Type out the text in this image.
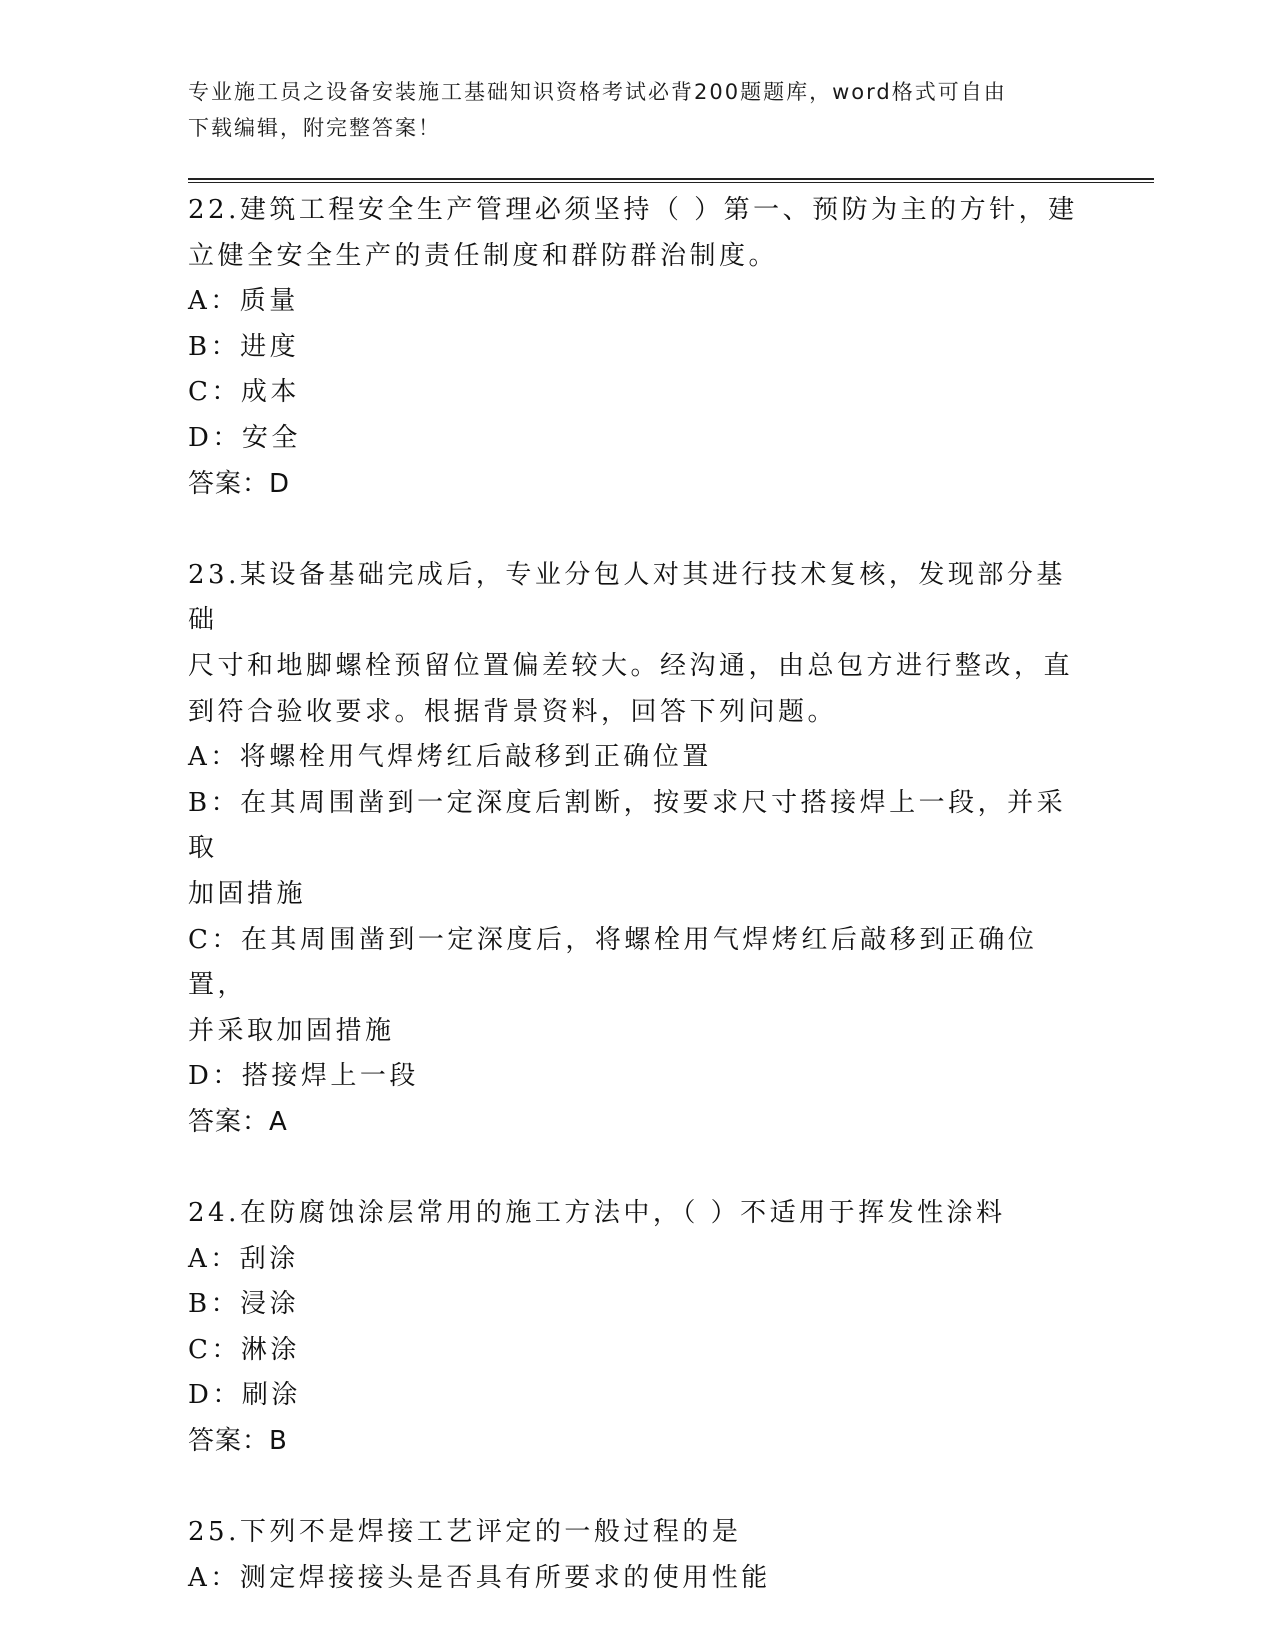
专业施工员之设备安装施工基础知识资格考试必背200题题库，word格式可自由
下载编辑，附完整答案！
22.建筑工程安全生产管理必须坚持（ ）第一、预防为主的方针，建
立健全安全生产的责任制度和群防群治制度。
A：质量
B：进度
C：成本
D：安全
答案：D
23.某设备基础完成后，专业分包人对其进行技术复核，发现部分基础
尺寸和地脚螺栓预留位置偏差较大。经沟通，由总包方进行整改，直
到符合验收要求。根据背景资料，回答下列问题。
A：将螺栓用气焊烤红后敲移到正确位置
B：在其周围凿到一定深度后割断，按要求尺寸搭接焊上一段，并采取
加固措施
C：在其周围凿到一定深度后，将螺栓用气焊烤红后敲移到正确位置，
并采取加固措施
D：搭接焊上一段
答案：A
24.在防腐蚀涂层常用的施工方法中，（ ）不适用于挥发性涂料
A：刮涂
B：浸涂
C：淋涂
D：刷涂
答案：B
25.下列不是焊接工艺评定的一般过程的是
A：测定焊接接头是否具有所要求的使用性能
